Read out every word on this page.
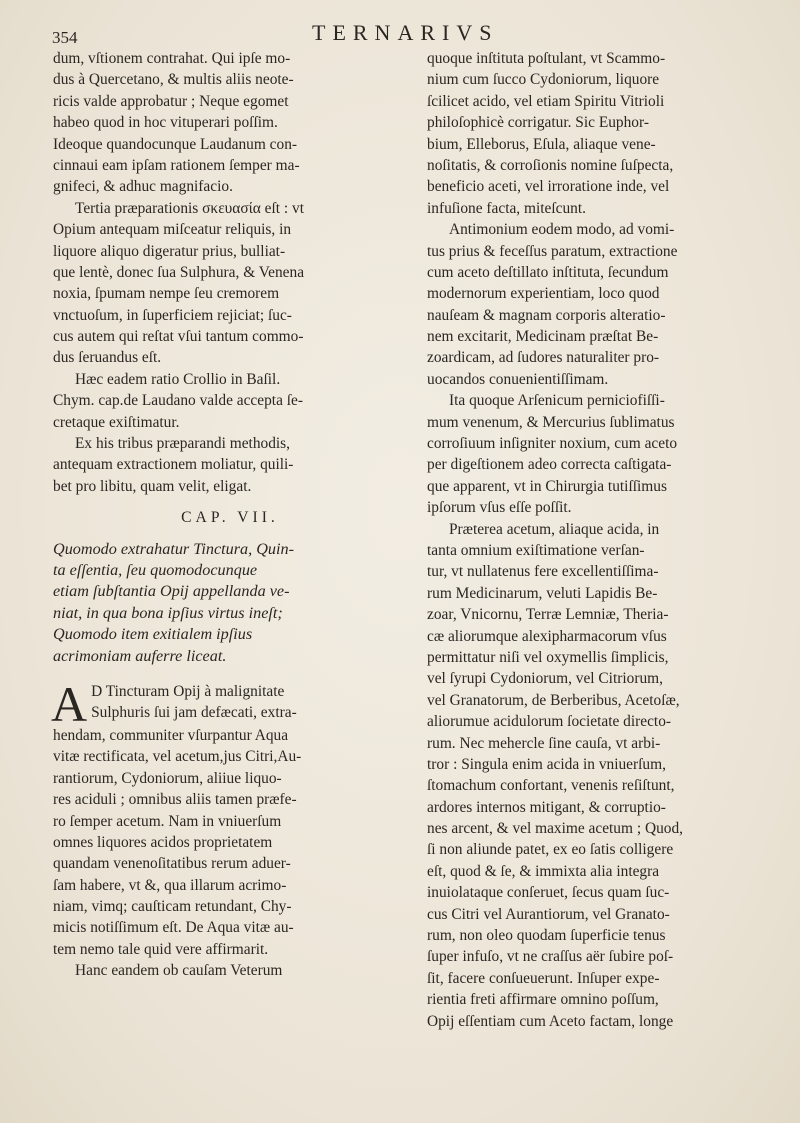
354	TERNARIVS
dum, vſtionem contrahat. Qui ipſe mo-
dus à Quercetano, & multis aliis neote-
ricis valde approbatur ; Neque egomet
habeo quod in hoc vituperari poſſim.
Ideoque quandocunque Laudanum con-
cinnaui eam ipſam rationem ſemper ma-
gnifeci, & adhuc magnifacio.
Tertia præparationis σκευασία eſt : vt
Opium antequam miſceatur reliquis, in
liquore aliquo digeratur prius, bulliat-
que lentè, donec ſua Sulphura, & Venena
noxia, ſpumam nempe ſeu cremorem
vnctuoſum, in ſuperficiem rejiciat; ſuc-
cus autem qui reſtat vſui tantum commo-
dus ſeruandus eſt.
Hæc eadem ratio Crollio in Baſil.
Chym. cap.de Laudano valde accepta ſe-
cretaque exiſtimatur.
Ex his tribus præparandi methodis,
antequam extractionem moliatur, quili-
bet pro libitu, quam velit, eligat.
CAP. VII.
Quomodo extrahatur Tinctura, Quin-
ta eſſentia, ſeu quomodocunque
etiam ſubſtantia Opij appellanda ve-
niat, in qua bona ipſius virtus ineſt;
Quomodo item exitialem ipſius
acrimoniam auferre liceat.
A D Tincturam Opij à malignitate
Sulphuris ſui jam defæcati, extra-
hendam, communiter vſurpantur Aqua
vitæ rectificata, vel acetum,jus Citri,Au-
rantiorum, Cydoniorum, aliiue liquo-
res aciduli ; omnibus aliis tamen præfe-
ro ſemper acetum. Nam in vniuerſum
omnes liquores acidos proprietatem
quandam venenoſitatibus rerum aduer-
ſam habere, vt &, qua illarum acrimo-
niam, vimq; cauſticam retundant, Chy-
micis notiſſimum eſt. De Aqua vitæ au-
tem nemo tale quid vere affirmarit.
Hanc eandem ob cauſam Veterum
quoque inſtituta poſtulant, vt Scammo-
nium cum ſucco Cydoniorum, liquore
ſcilicet acido, vel etiam Spiritu Vitrioli
philoſophicè corrigatur. Sic Euphor-
bium, Elleborus, Eſula, aliaque vene-
noſitatis, & corroſionis nomine ſuſpecta,
beneficio aceti, vel irroratione inde, vel
infuſione facta, miteſcunt.
Antimonium eodem modo, ad vomi-
tus prius & feceſſus paratum, extractione
cum aceto deſtillato inſtituta, ſecundum
modernorum experientiam, loco quod
nauſeam & magnam corporis alteratio-
nem excitarit, Medicinam præſtat Be-
zoardicam, ad ſudores naturaliter pro-
uocandos conuenientiſſimam.
Ita quoque Arſenicum perniciofiſſi-
mum venenum, & Mercurius ſublimatus
corroſiuum inſigniter noxium, cum aceto
per digeſtionem adeo correcta caſtigata-
que apparent, vt in Chirurgia tutiſſimus
ipſorum vſus eſſe poſſit.
Præterea acetum, aliaque acida, in
tanta omnium exiſtimatione verſan-
tur, vt nullatenus fere excellentiſſima-
rum Medicinarum, veluti Lapidis Be-
zoar, Vnicornu, Terræ Lemniæ, Theria-
cæ aliorumque alexipharmacorum vſus
permittatur niſi vel oxymellis ſimplicis,
vel ſyrupi Cydoniorum, vel Citriorum,
vel Granatorum, de Berberibus, Acetoſæ,
aliorumue acidulorum ſocietate directo-
rum. Nec mehercle ſine cauſa, vt arbi-
tror : Singula enim acida in vniuerſum,
ſtomachum confortant, venenis reſiſtunt,
ardores internos mitigant, & corruptio-
nes arcent, & vel maxime acetum ; Quod,
ſi non aliunde patet, ex eo ſatis colligere
eſt, quod & ſe, & immixta alia integra
inuiolataque conſeruet, ſecus quam ſuc-
cus Citri vel Aurantiorum, vel Granato-
rum, non oleo quodam ſuperficie tenus
ſuper infuſo, vt ne craſſus aër ſubire poſ-
ſit, facere conſueuerunt. Inſuper expe-
rientia freti affirmare omnino poſſum,
Opij eſſentiam cum Aceto factam, longe
